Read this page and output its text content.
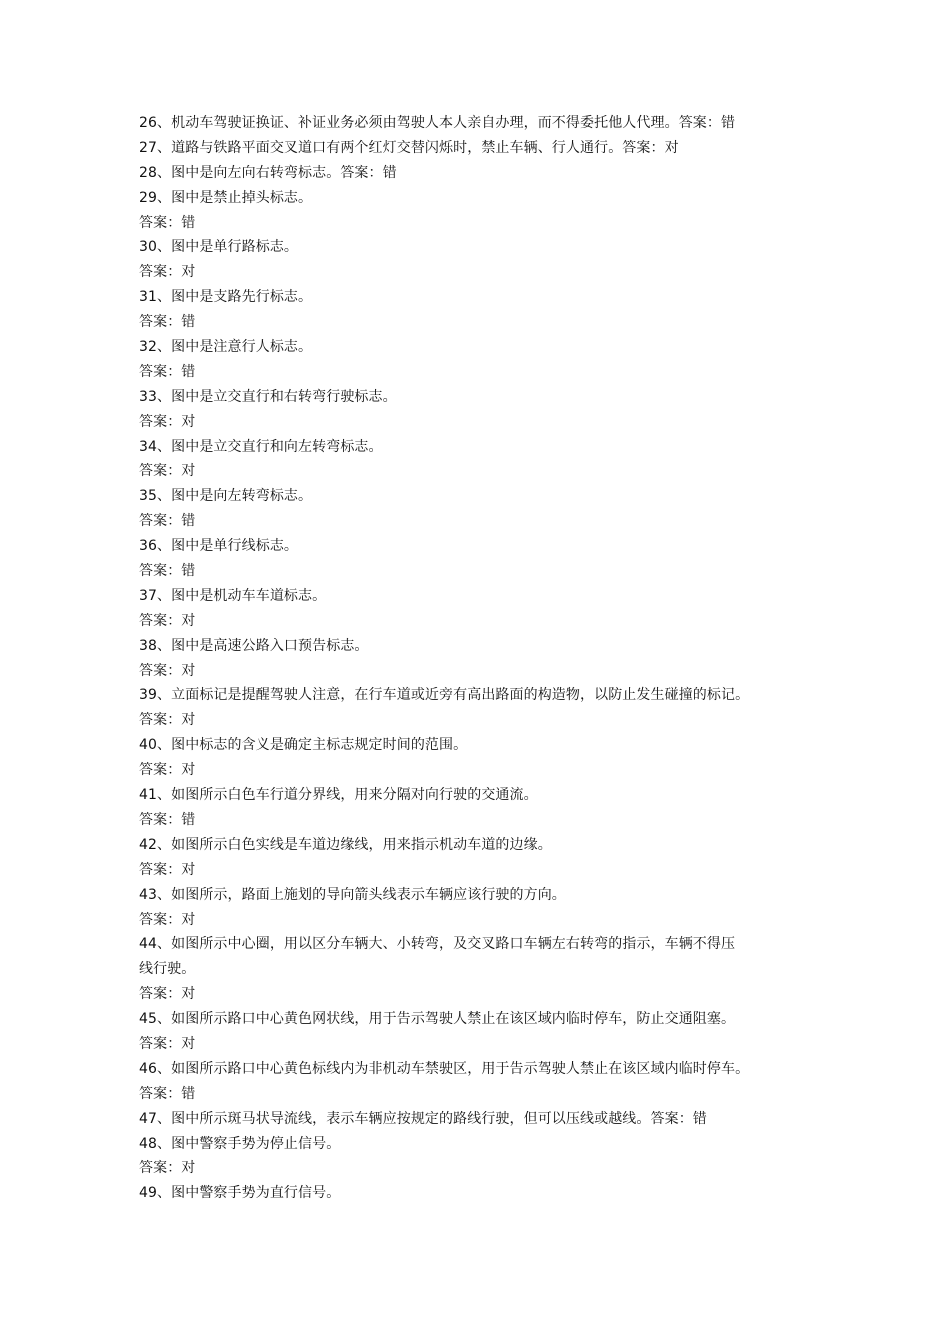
26、机动车驾驶证换证、补证业务必须由驾驶人本人亲自办理，而不得委托他人代理。答案：错
27、道路与铁路平面交叉道口有两个红灯交替闪烁时，禁止车辆、行人通行。答案：对
28、图中是向左向右转弯标志。答案：错
29、图中是禁止掉头标志。
答案：错
30、图中是单行路标志。
答案：对
31、图中是支路先行标志。
答案：错
32、图中是注意行人标志。
答案：错
33、图中是立交直行和右转弯行驶标志。
答案：对
34、图中是立交直行和向左转弯标志。
答案：对
35、图中是向左转弯标志。
答案：错
36、图中是单行线标志。
答案：错
37、图中是机动车车道标志。
答案：对
38、图中是高速公路入口预告标志。
答案：对
39、立面标记是提醒驾驶人注意，在行车道或近旁有高出路面的构造物，以防止发生碰撞的标记。
答案：对
40、图中标志的含义是确定主标志规定时间的范围。
答案：对
41、如图所示白色车行道分界线，用来分隔对向行驶的交通流。
答案：错
42、如图所示白色实线是车道边缘线，用来指示机动车道的边缘。
答案：对
43、如图所示，路面上施划的导向箭头线表示车辆应该行驶的方向。
答案：对
44、如图所示中心圈，用以区分车辆大、小转弯，及交叉路口车辆左右转弯的指示，车辆不得压
线行驶。
答案：对
45、如图所示路口中心黄色网状线，用于告示驾驶人禁止在该区域内临时停车，防止交通阻塞。
答案：对
46、如图所示路口中心黄色标线内为非机动车禁驶区，用于告示驾驶人禁止在该区域内临时停车。
答案：错
47、图中所示斑马状导流线，表示车辆应按规定的路线行驶，但可以压线或越线。答案：错
48、图中警察手势为停止信号。
答案：对
49、图中警察手势为直行信号。
